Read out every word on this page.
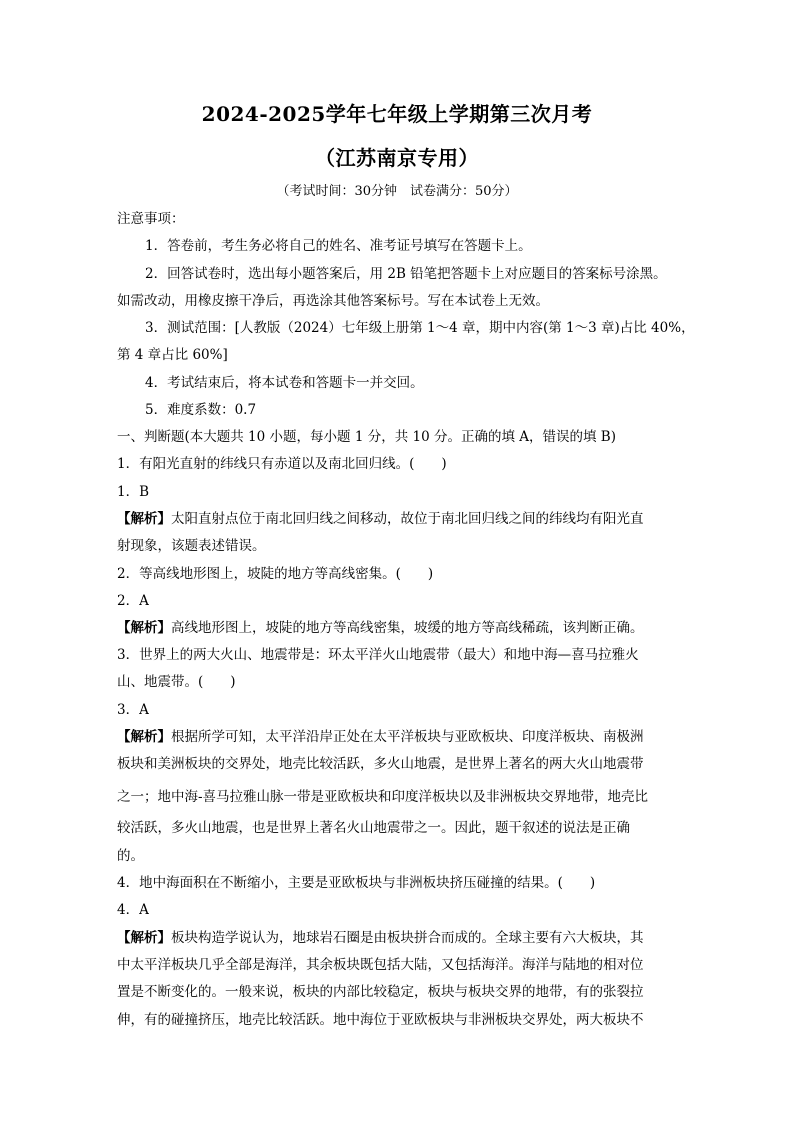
2024-2025学年七年级上学期第三次月考
（江苏南京专用）
（考试时间：30分钟　试卷满分：50分）
注意事项：
1．答卷前，考生务必将自己的姓名、准考证号填写在答题卡上。
2．回答试卷时，选出每小题答案后，用 2B 铅笔把答题卡上对应题目的答案标号涂黑。
如需改动，用橡皮擦干净后，再选涂其他答案标号。写在本试卷上无效。
3．测试范围：[人教版（2024）七年级上册第 1～4 章，期中内容(第 1～3 章)占比 40%，
第 4 章占比 60%]
4．考试结束后，将本试卷和答题卡一并交回。
5．难度系数：0.7
一、判断题(本大题共 10 小题，每小题 1 分，共 10 分。正确的填 A，错误的填 B)
1．有阳光直射的纬线只有赤道以及南北回归线。(　　)
1．B
【解析】太阳直射点位于南北回归线之间移动，故位于南北回归线之间的纬线均有阳光直
射现象，该题表述错误。
2．等高线地形图上，坡陡的地方等高线密集。(　　)
2．A
【解析】高线地形图上，坡陡的地方等高线密集，坡缓的地方等高线稀疏，该判断正确。
3．世界上的两大火山、地震带是：环太平洋火山地震带（最大）和地中海—喜马拉雅火
山、地震带。(　　)
3．A
【解析】根据所学可知，太平洋沿岸正处在太平洋板块与亚欧板块、印度洋板块、南极洲
板块和美洲板块的交界处，地壳比较活跃，多火山地震，是世界上著名的两大火山地震带
之一；地中海-喜马拉雅山脉一带是亚欧板块和印度洋板块以及非洲板块交界地带，地壳比
较活跃，多火山地震，也是世界上著名火山地震带之一。因此，题干叙述的说法是正确
的。
4．地中海面积在不断缩小，主要是亚欧板块与非洲板块挤压碰撞的结果。(　　)
4．A
【解析】板块构造学说认为，地球岩石圈是由板块拼合而成的。全球主要有六大板块，其
中太平洋板块几乎全部是海洋，其余板块既包括大陆，又包括海洋。海洋与陆地的相对位
置是不断变化的。一般来说，板块的内部比较稳定，板块与板块交界的地带，有的张裂拉
伸，有的碰撞挤压，地壳比较活跃。地中海位于亚欧板块与非洲板块交界处，两大板块不
